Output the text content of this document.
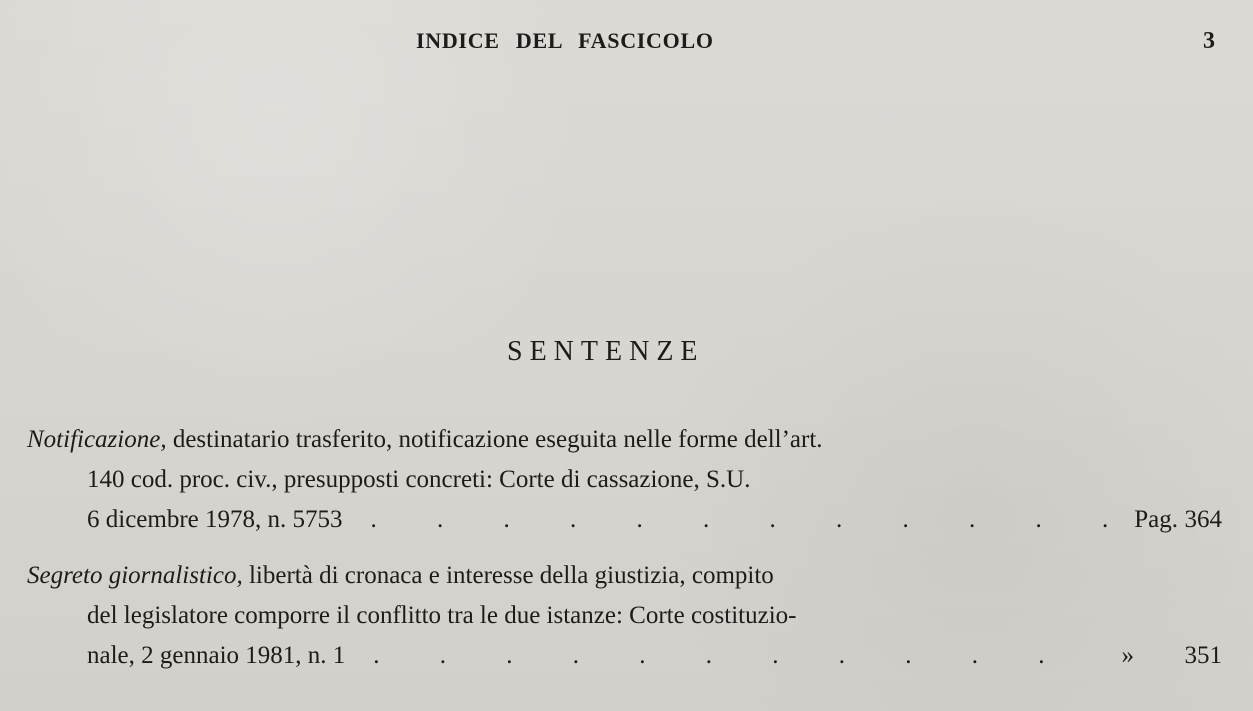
INDICE DEL FASCICOLO	3
SENTENZE
Notificazione, destinatario trasferito, notificazione eseguita nelle forme dell’art.
140 cod. proc. civ., presupposti concreti: Corte di cassazione, S.U.
6 dicembre 1978, n. 5753 . . . . . . . . . . . .
Pag. 364
Segreto giornalistico, libertà di cronaca e interesse della giustizia, compito
del legislatore comporre il conflitto tra le due istanze: Corte costituzio-
nale, 2 gennaio 1981, n. 1 . . . . . . . . . . . » 351
